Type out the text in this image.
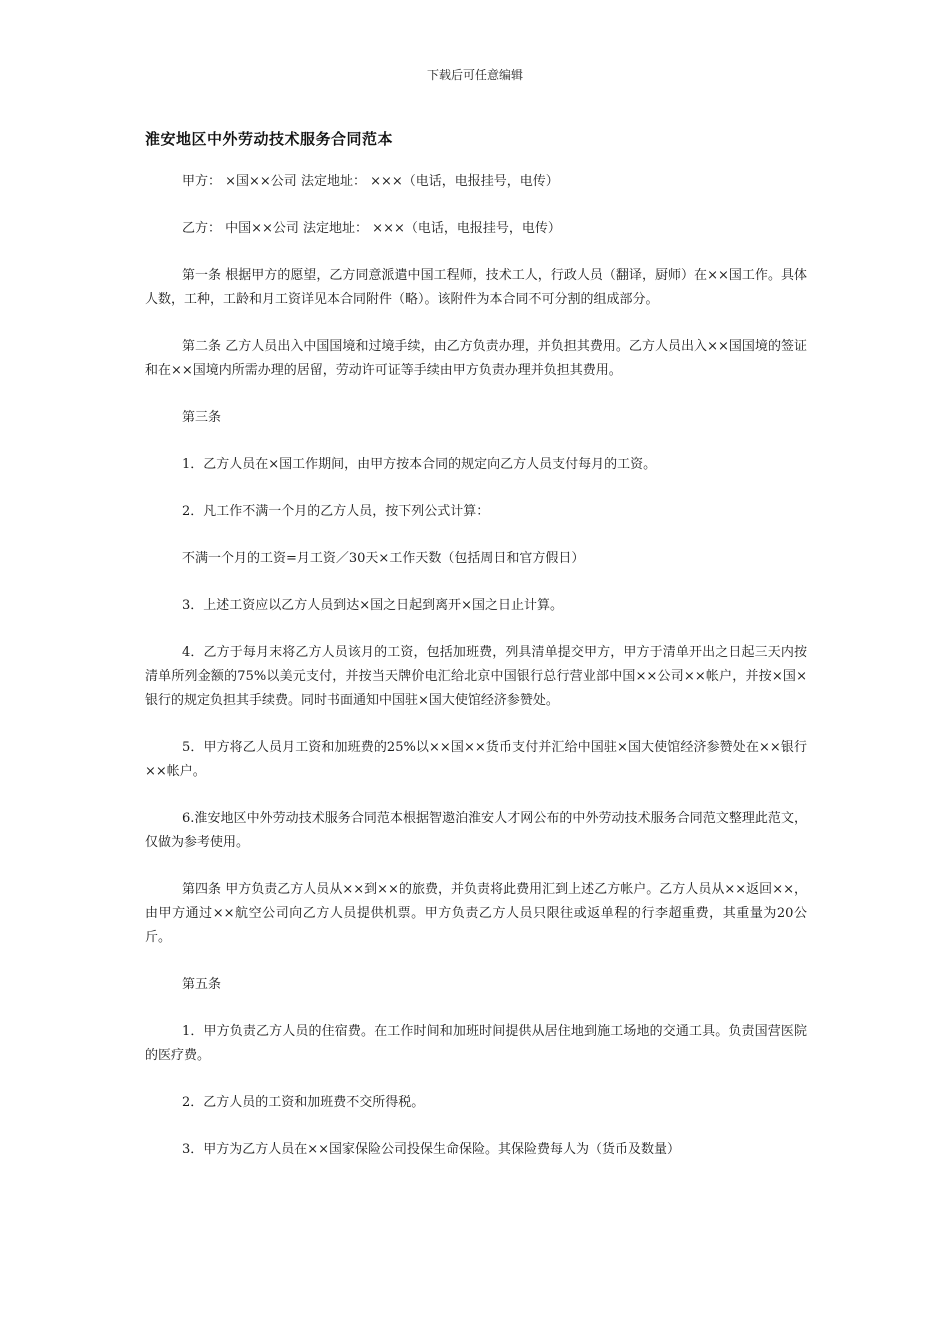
下载后可任意编辑
淮安地区中外劳动技术服务合同范本

甲方： ×国××公司 法定地址： ×××（电话，电报挂号，电传）

乙方： 中国××公司 法定地址： ×××（电话，电报挂号，电传）

第一条 根据甲方的愿望，乙方同意派遣中国工程师，技术工人，行政人员（翻译，厨师）在××国工作。具体人数，工种，工龄和月工资详见本合同附件（略）。该附件为本合同不可分割的组成部分。

第二条 乙方人员出入中国国境和过境手续，由乙方负责办理，并负担其费用。乙方人员出入××国国境的签证和在××国境内所需办理的居留，劳动许可证等手续由甲方负责办理并负担其费用。

第三条

1．乙方人员在×国工作期间，由甲方按本合同的规定向乙方人员支付每月的工资。

2．凡工作不满一个月的乙方人员，按下列公式计算：

不满一个月的工资=月工资／30天×工作天数（包括周日和官方假日）

3．上述工资应以乙方人员到达×国之日起到离开×国之日止计算。

4．乙方于每月末将乙方人员该月的工资，包括加班费，列具清单提交甲方，甲方于清单开出之日起三天内按清单所列金额的75%以美元支付，并按当天牌价电汇给北京中国银行总行营业部中国××公司××帐户，并按×国×银行的规定负担其手续费。同时书面通知中国驻×国大使馆经济参赞处。

5．甲方将乙人员月工资和加班费的25%以××国××货币支付并汇给中国驻×国大使馆经济参赞处在××银行××帐户。

6.淮安地区中外劳动技术服务合同范本根据智遨泊淮安人才网公布的中外劳动技术服务合同范文整理此范文，仅做为参考使用。

第四条 甲方负责乙方人员从××到××的旅费，并负责将此费用汇到上述乙方帐户。乙方人员从××返回××，由甲方通过××航空公司向乙方人员提供机票。甲方负责乙方人员只限往或返单程的行李超重费，其重量为20公斤。

第五条

1．甲方负责乙方人员的住宿费。在工作时间和加班时间提供从居住地到施工场地的交通工具。负责国营医院的医疗费。

2．乙方人员的工资和加班费不交所得税。

3．甲方为乙方人员在××国家保险公司投保生命保险。其保险费每人为（货币及数量）
